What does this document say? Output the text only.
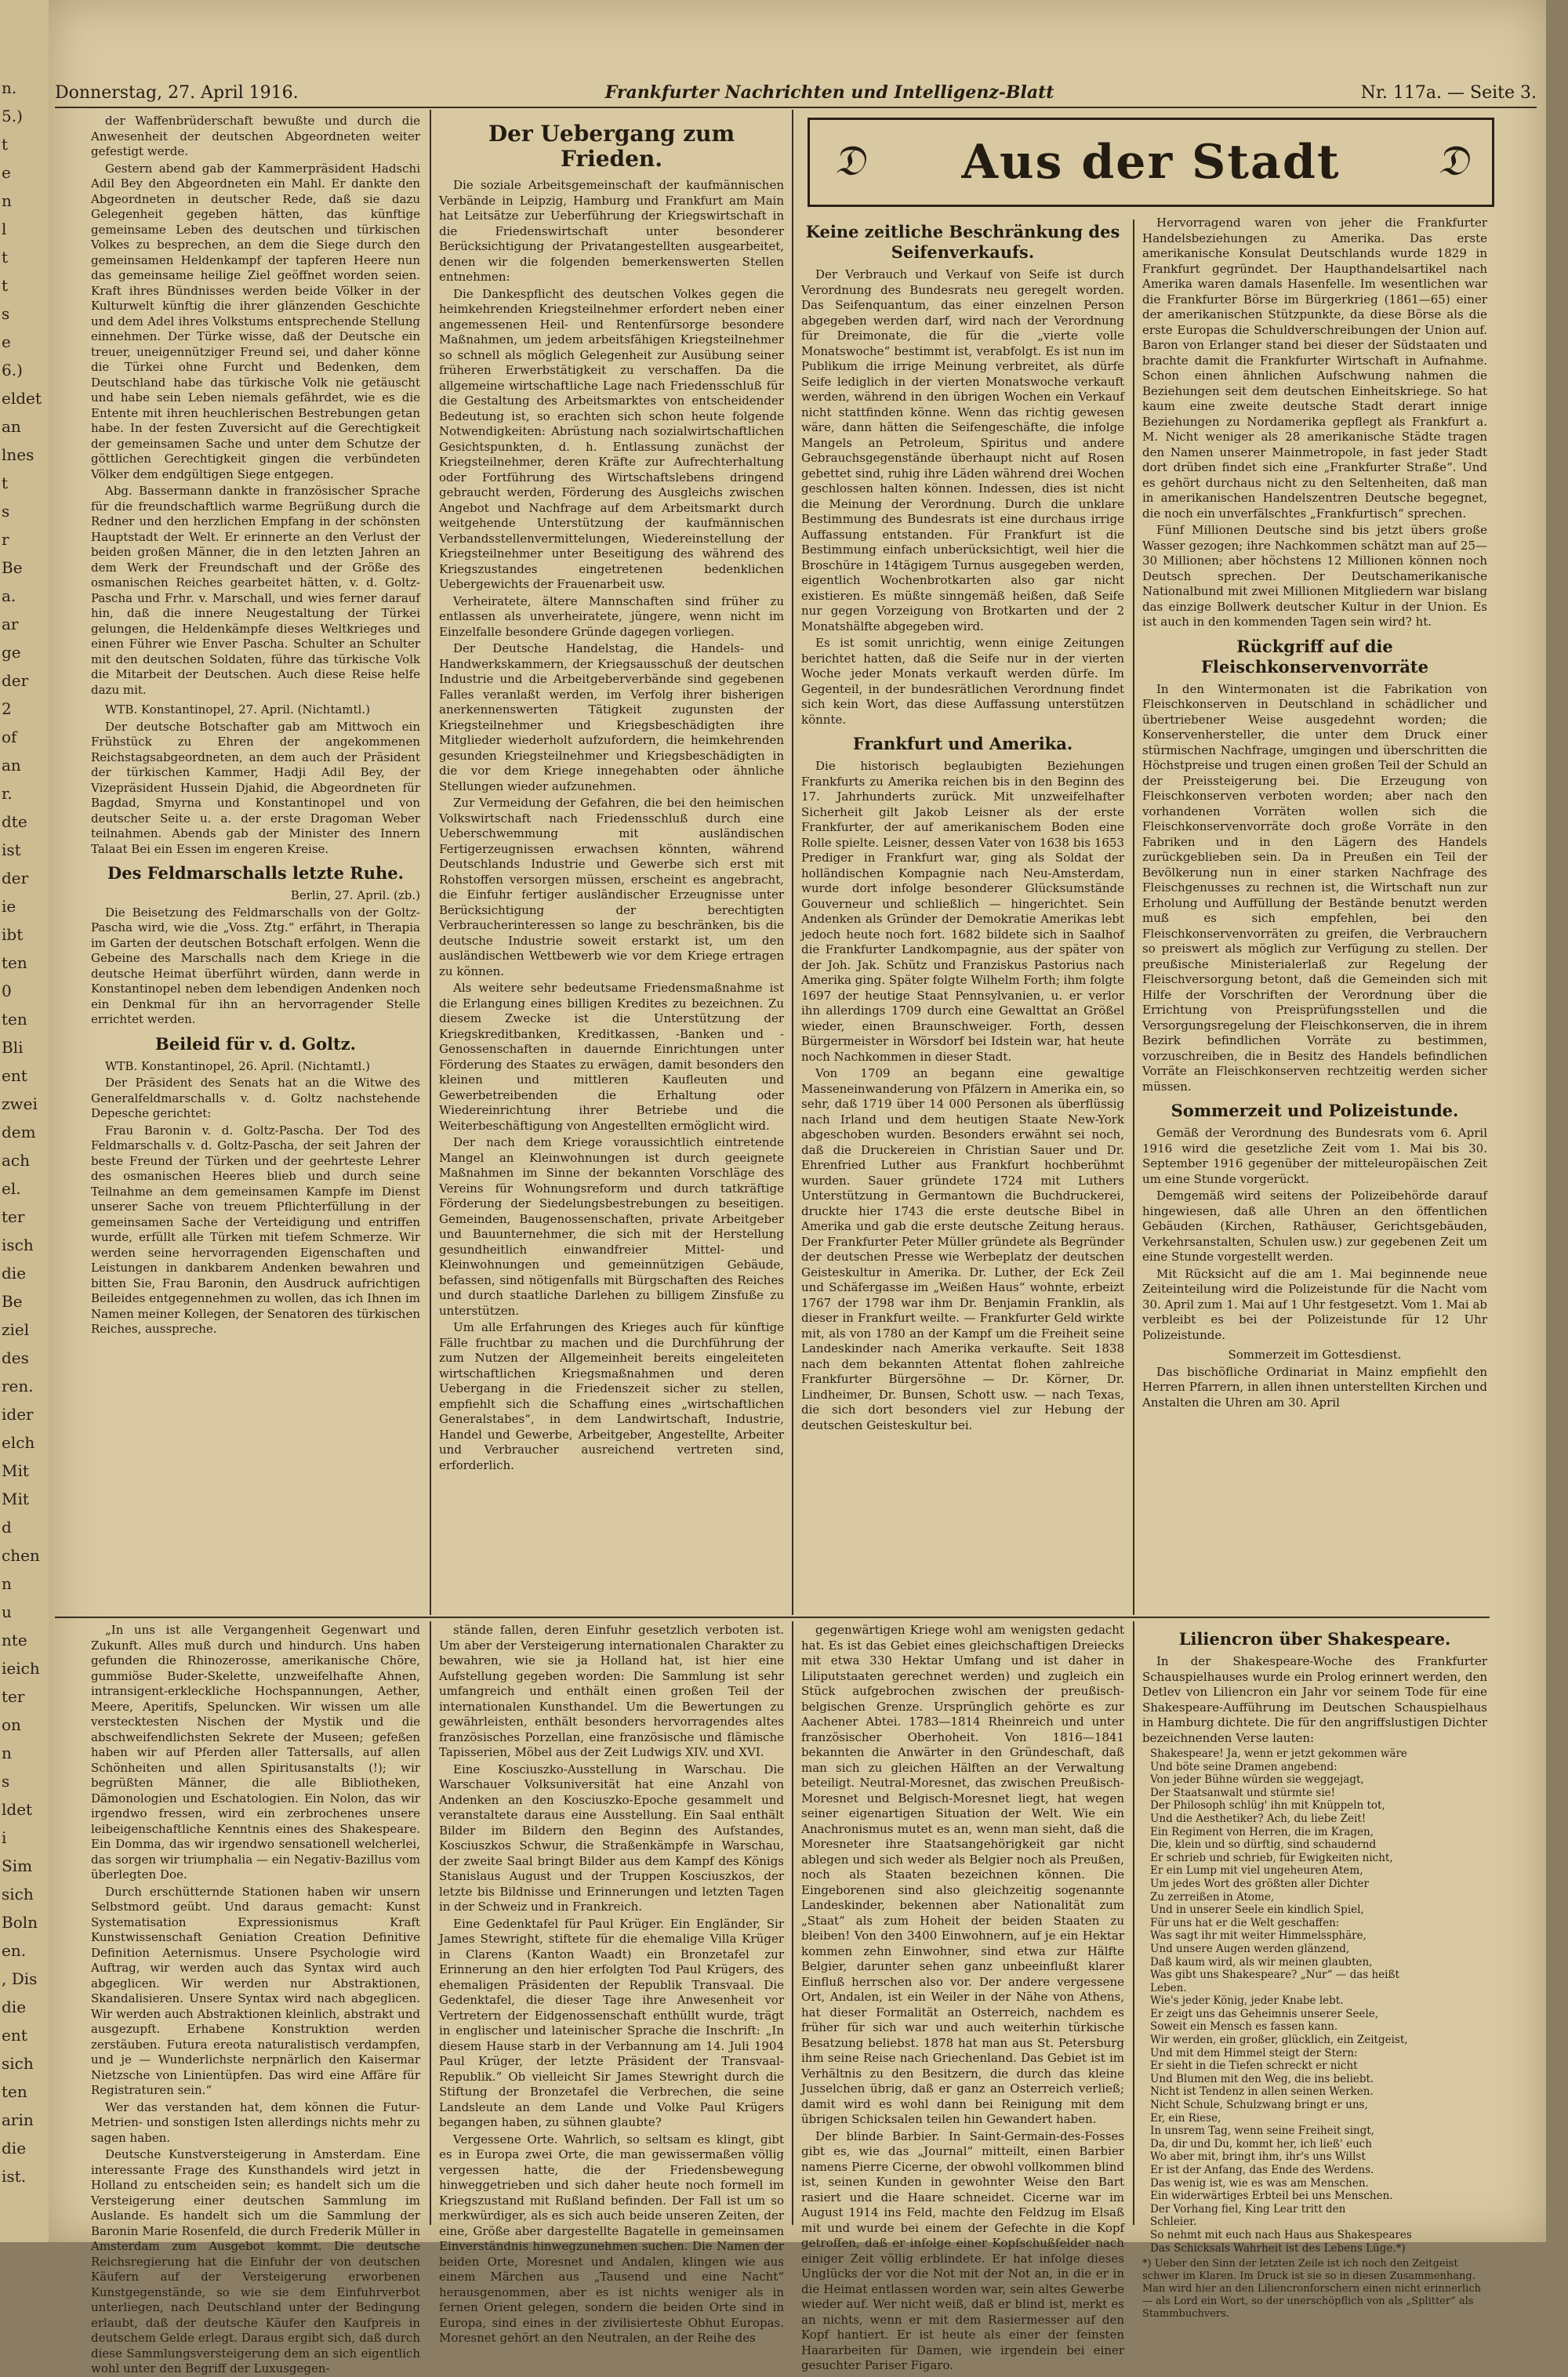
n.
5.)
t
e
n
l
t
t
s
e
6.)
eldet
an
lnes
t
s
r
Be
a.
ar
ge
der
2
of
an
r.
dte
ist
der
ie
ibt
ten
0
ten
Bli
ent
zwei
dem
ach
el.
ter
isch
die
Be
ziel
des
ren.
ider
elch
Mit
Mit
d
chen
n
u
nte
ieich
ter
on
n
s
ldet
i
Sim
sich
Boln
en.
, Dis
die
ent
sich
ten
arin
die
ist.
Donnerstag, 27. April 1916.	Frankfurter Nachrichten und Intelligenz-Blatt	Nr. 117a. — Seite 3.

der Waffenbrüderschaft bewußte und durch die Anwesenheit der deutschen Abgeordneten weiter gefestigt werde.

Gestern abend gab der Kammerpräsident Hadschi Adil Bey den Abgeordneten ein Mahl. Er dankte den Abgeordneten in deutscher Rede, daß sie dazu Gelegenheit gegeben hätten, das künftige gemeinsame Leben des deutschen und türkischen Volkes zu besprechen, an dem die Siege durch den gemeinsamen Heldenkampf der tapferen Heere nun das gemeinsame heilige Ziel geöffnet worden seien. Kraft ihres Bündnisses werden beide Völker in der Kulturwelt künftig die ihrer glänzenden Geschichte und dem Adel ihres Volkstums entsprechende Stellung einnehmen. Der Türke wisse, daß der Deutsche ein treuer, uneigennütziger Freund sei, und daher könne die Türkei ohne Furcht und Bedenken, dem Deutschland habe das türkische Volk nie getäuscht und habe sein Leben niemals gefährdet, wie es die Entente mit ihren heuchlerischen Bestrebungen getan habe. In der festen Zuversicht auf die Gerechtigkeit der gemeinsamen Sache und unter dem Schutze der göttlichen Gerechtigkeit gingen die verbündeten Völker dem endgültigen Siege entgegen.

Abg. Bassermann dankte in französischer Sprache für die freundschaftlich warme Begrüßung durch die Redner und den herzlichen Empfang in der schönsten Hauptstadt der Welt. Er erinnerte an den Verlust der beiden großen Männer, die in den letzten Jahren an dem Werk der Freundschaft und der Größe des osmanischen Reiches gearbeitet hätten, v. d. Goltz-Pascha und Frhr. v. Marschall, und wies ferner darauf hin, daß die innere Neugestaltung der Türkei gelungen, die Heldenkämpfe dieses Weltkrieges und einen Führer wie Enver Pascha. Schulter an Schulter mit den deutschen Soldaten, führe das türkische Volk die Mitarbeit der Deutschen. Auch diese Reise helfe dazu mit.

WTB. Konstantinopel, 27. April. (Nichtamtl.)

Der deutsche Botschafter gab am Mittwoch ein Frühstück zu Ehren der angekommenen Reichstagsabgeordneten, an dem auch der Präsident der türkischen Kammer, Hadji Adil Bey, der Vizepräsident Hussein Djahid, die Abgeordneten für Bagdad, Smyrna und Konstantinopel und von deutscher Seite u. a. der erste Dragoman Weber teilnahmen. Abends gab der Minister des Innern Talaat Bei ein Essen im engeren Kreise.

Des Feldmarschalls letzte Ruhe.

Berlin, 27. April. (zb.)

Die Beisetzung des Feldmarschalls von der Goltz-Pascha wird, wie die „Voss. Ztg.“ erfährt, in Therapia im Garten der deutschen Botschaft erfolgen. Wenn die Gebeine des Marschalls nach dem Kriege in die deutsche Heimat überführt würden, dann werde in Konstantinopel neben dem lebendigen Andenken noch ein Denkmal für ihn an hervorragender Stelle errichtet werden.

Beileid für v. d. Goltz.

WTB. Konstantinopel, 26. April. (Nichtamtl.)

Der Präsident des Senats hat an die Witwe des Generalfeldmarschalls v. d. Goltz nachstehende Depesche gerichtet:

Frau Baronin v. d. Goltz-Pascha. Der Tod des Feldmarschalls v. d. Goltz-Pascha, der seit Jahren der beste Freund der Türken und der geehrteste Lehrer des osmanischen Heeres blieb und durch seine Teilnahme an dem gemeinsamen Kampfe im Dienst unserer Sache von treuem Pflichterfüllung in der gemeinsamen Sache der Verteidigung und entriffen wurde, erfüllt alle Türken mit tiefem Schmerze. Wir werden seine hervorragenden Eigenschaften und Leistungen in dankbarem Andenken bewahren und bitten Sie, Frau Baronin, den Ausdruck aufrichtigen Beileides entgegennehmen zu wollen, das ich Ihnen im Namen meiner Kollegen, der Senatoren des türkischen Reiches, ausspreche.

Der Uebergang zum Frieden.

Die soziale Arbeitsgemeinschaft der kaufmännischen Verbände in Leipzig, Hamburg und Frankfurt am Main hat Leitsätze zur Ueberführung der Kriegswirtschaft in die Friedenswirtschaft unter besonderer Berücksichtigung der Privatangestellten ausgearbeitet, denen wir die folgenden bemerkenswerten Stellen entnehmen:

Die Dankespflicht des deutschen Volkes gegen die heimkehrenden Kriegsteilnehmer erfordert neben einer angemessenen Heil- und Rentenfürsorge besondere Maßnahmen, um jedem arbeitsfähigen Kriegsteilnehmer so schnell als möglich Gelegenheit zur Ausübung seiner früheren Erwerbstätigkeit zu verschaffen. Da die allgemeine wirtschaftliche Lage nach Friedensschluß für die Gestaltung des Arbeitsmarktes von entscheidender Bedeutung ist, so erachten sich schon heute folgende Notwendigkeiten: Abrüstung nach sozialwirtschaftlichen Gesichtspunkten, d. h. Entlassung zunächst der Kriegsteilnehmer, deren Kräfte zur Aufrechterhaltung oder Fortführung des Wirtschaftslebens dringend gebraucht werden, Förderung des Ausgleichs zwischen Angebot und Nachfrage auf dem Arbeitsmarkt durch weitgehende Unterstützung der kaufmännischen Verbandsstellenvermittelungen, Wiedereinstellung der Kriegsteilnehmer unter Beseitigung des während des Kriegszustandes eingetretenen bedenklichen Uebergewichts der Frauenarbeit usw.

Verheiratete, ältere Mannschaften sind früher zu entlassen als unverheiratete, jüngere, wenn nicht im Einzelfalle besondere Gründe dagegen vorliegen.

Der Deutsche Handelstag, die Handels- und Handwerkskammern, der Kriegsausschuß der deutschen Industrie und die Arbeitgeberverbände sind gegebenen Falles veranlaßt werden, im Verfolg ihrer bisherigen anerkennenswerten Tätigkeit zugunsten der Kriegsteilnehmer und Kriegsbeschädigten ihre Mitglieder wiederholt aufzufordern, die heimkehrenden gesunden Kriegsteilnehmer und Kriegsbeschädigten in die vor dem Kriege innegehabten oder ähnliche Stellungen wieder aufzunehmen.

Zur Vermeidung der Gefahren, die bei den heimischen Volkswirtschaft nach Friedensschluß durch eine Ueberschwemmung mit ausländischen Fertigerzeugnissen erwachsen könnten, während Deutschlands Industrie und Gewerbe sich erst mit Rohstoffen versorgen müssen, erscheint es angebracht, die Einfuhr fertiger ausländischer Erzeugnisse unter Berücksichtigung der berechtigten Verbraucherinteressen so lange zu beschränken, bis die deutsche Industrie soweit erstarkt ist, um den ausländischen Wettbewerb wie vor dem Kriege ertragen zu können.

Als weitere sehr bedeutsame Friedensmaßnahme ist die Erlangung eines billigen Kredites zu bezeichnen. Zu diesem Zwecke ist die Unterstützung der Kriegskreditbanken, Kreditkassen, -Banken und -Genossenschaften in dauernde Einrichtungen unter Förderung des Staates zu erwägen, damit besonders den kleinen und mittleren Kaufleuten und Gewerbetreibenden die Erhaltung oder Wiedereinrichtung ihrer Betriebe und die Weiterbeschäftigung von Angestellten ermöglicht wird.

Der nach dem Kriege voraussichtlich eintretende Mangel an Kleinwohnungen ist durch geeignete Maßnahmen im Sinne der bekannten Vorschläge des Vereins für Wohnungsreform und durch tatkräftige Förderung der Siedelungsbestrebungen zu beseitigen. Gemeinden, Baugenossenschaften, private Arbeitgeber und Bauunternehmer, die sich mit der Herstellung gesundheitlich einwandfreier Mittel- und Kleinwohnungen und gemeinnützigen Gebäude, befassen, sind nötigenfalls mit Bürgschaften des Reiches und durch staatliche Darlehen zu billigem Zinsfuße zu unterstützen.

Um alle Erfahrungen des Krieges auch für künftige Fälle fruchtbar zu machen und die Durchführung der zum Nutzen der Allgemeinheit bereits eingeleiteten wirtschaftlichen Kriegsmaßnahmen und deren Uebergang in die Friedenszeit sicher zu stellen, empfiehlt sich die Schaffung eines „wirtschaftlichen Generalstabes“, in dem Landwirtschaft, Industrie, Handel und Gewerbe, Arbeitgeber, Angestellte, Arbeiter und Verbraucher ausreichend vertreten sind, erforderlich.

𝔇 Aus der Stadt 𝔇
Keine zeitliche Beschränkung des Seifenverkaufs.

Der Verbrauch und Verkauf von Seife ist durch Verordnung des Bundesrats neu geregelt worden. Das Seifenquantum, das einer einzelnen Person abgegeben werden darf, wird nach der Verordnung für Dreimonate, die für die „vierte volle Monatswoche“ bestimmt ist, verabfolgt. Es ist nun im Publikum die irrige Meinung verbreitet, als dürfe Seife lediglich in der vierten Monatswoche verkauft werden, während in den übrigen Wochen ein Verkauf nicht stattfinden könne. Wenn das richtig gewesen wäre, dann hätten die Seifengeschäfte, die infolge Mangels an Petroleum, Spiritus und andere Gebrauchsgegenstände überhaupt nicht auf Rosen gebettet sind, ruhig ihre Läden während drei Wochen geschlossen halten können. Indessen, dies ist nicht die Meinung der Verordnung. Durch die unklare Bestimmung des Bundesrats ist eine durchaus irrige Auffassung entstanden. Für Frankfurt ist die Bestimmung einfach unberücksichtigt, weil hier die Broschüre in 14tägigem Turnus ausgegeben werden, eigentlich Wochenbrotkarten also gar nicht existieren. Es müßte sinngemäß heißen, daß Seife nur gegen Vorzeigung von Brotkarten und der 2 Monatshälfte abgegeben wird.

Es ist somit unrichtig, wenn einige Zeitungen berichtet hatten, daß die Seife nur in der vierten Woche jeder Monats verkauft werden dürfe. Im Gegenteil, in der bundesrätlichen Verordnung findet sich kein Wort, das diese Auffassung unterstützen könnte.

Frankfurt und Amerika.

Die historisch beglaubigten Beziehungen Frankfurts zu Amerika reichen bis in den Beginn des 17. Jahrhunderts zurück. Mit unzweifelhafter Sicherheit gilt Jakob Leisner als der erste Frankfurter, der auf amerikanischem Boden eine Rolle spielte. Leisner, dessen Vater von 1638 bis 1653 Prediger in Frankfurt war, ging als Soldat der holländischen Kompagnie nach Neu-Amsterdam, wurde dort infolge besonderer Glücksumstände Gouverneur und schließlich — hingerichtet. Sein Andenken als Gründer der Demokratie Amerikas lebt jedoch heute noch fort. 1682 bildete sich in Saalhof die Frankfurter Landkompagnie, aus der später von der Joh. Jak. Schütz und Franziskus Pastorius nach Amerika ging. Später folgte Wilhelm Forth; ihm folgte 1697 der heutige Staat Pennsylvanien, u. er verlor ihn allerdings 1709 durch eine Gewalttat an Größel wieder, einen Braunschweiger. Forth, dessen Bürgermeister in Wörsdorf bei Idstein war, hat heute noch Nachkommen in dieser Stadt.

Von 1709 an begann eine gewaltige Masseneinwanderung von Pfälzern in Amerika ein, so sehr, daß 1719 über 14 000 Personen als überflüssig nach Irland und dem heutigen Staate New-York abgeschoben wurden. Besonders erwähnt sei noch, daß die Druckereien in Christian Sauer und Dr. Ehrenfried Luther aus Frankfurt hochberühmt wurden. Sauer gründete 1724 mit Luthers Unterstützung in Germantown die Buchdruckerei, druckte hier 1743 die erste deutsche Bibel in Amerika und gab die erste deutsche Zeitung heraus. Der Frankfurter Peter Müller gründete als Begründer der deutschen Presse wie Werbeplatz der deutschen Geisteskultur in Amerika. Dr. Luther, der Eck Zeil und Schäfergasse im „Weißen Haus“ wohnte, erbeizt 1767 der 1798 war ihm Dr. Benjamin Franklin, als dieser in Frankfurt weilte. — Frankfurter Geld wirkte mit, als von 1780 an der Kampf um die Freiheit seine Landeskinder nach Amerika verkaufte. Seit 1838 nach dem bekannten Attentat flohen zahlreiche Frankfurter Bürgersöhne — Dr. Körner, Dr. Lindheimer, Dr. Bunsen, Schott usw. — nach Texas, die sich dort besonders viel zur Hebung der deutschen Geisteskultur bei.

Hervorragend waren von jeher die Frankfurter Handelsbeziehungen zu Amerika. Das erste amerikanische Konsulat Deutschlands wurde 1829 in Frankfurt gegründet. Der Haupthandelsartikel nach Amerika waren damals Hasenfelle. Im wesentlichen war die Frankfurter Börse im Bürgerkrieg (1861—65) einer der amerikanischen Stützpunkte, da diese Börse als die erste Europas die Schuldverschreibungen der Union auf. Baron von Erlanger stand bei dieser der Südstaaten und brachte damit die Frankfurter Wirtschaft in Aufnahme. Schon einen ähnlichen Aufschwung nahmen die Beziehungen seit dem deutschen Einheitskriege. So hat kaum eine zweite deutsche Stadt derart innige Beziehungen zu Nordamerika gepflegt als Frankfurt a. M. Nicht weniger als 28 amerikanische Städte tragen den Namen unserer Mainmetropole, in fast jeder Stadt dort drüben findet sich eine „Frankfurter Straße“. Und es gehört durchaus nicht zu den Seltenheiten, daß man in amerikanischen Handelszentren Deutsche begegnet, die noch ein unverfälschtes „Frankfurtisch“ sprechen.

Fünf Millionen Deutsche sind bis jetzt übers große Wasser gezogen; ihre Nachkommen schätzt man auf 25—30 Millionen; aber höchstens 12 Millionen können noch Deutsch sprechen. Der Deutschamerikanische Nationalbund mit zwei Millionen Mitgliedern war bislang das einzige Bollwerk deutscher Kultur in der Union. Es ist auch in den kommenden Tagen sein wird? ht.

Rückgriff auf die Fleischkonservenvorräte

In den Wintermonaten ist die Fabrikation von Fleischkonserven in Deutschland in schädlicher und übertriebener Weise ausgedehnt worden; die Konservenhersteller, die unter dem Druck einer stürmischen Nachfrage, umgingen und überschritten die Höchstpreise und trugen einen großen Teil der Schuld an der Preissteigerung bei. Die Erzeugung von Fleischkonserven verboten worden; aber nach den vorhandenen Vorräten wollen sich die Fleischkonservenvorräte doch große Vorräte in den Fabriken und in den Lägern des Handels zurückgeblieben sein. Da in Preußen ein Teil der Bevölkerung nun in einer starken Nachfrage des Fleischgenusses zu rechnen ist, die Wirtschaft nun zur Erholung und Auffüllung der Bestände benutzt werden muß es sich empfehlen, bei den Fleischkonservenvorräten zu greifen, die Verbrauchern so preiswert als möglich zur Verfügung zu stellen. Der preußische Ministerialerlaß zur Regelung der Fleischversorgung betont, daß die Gemeinden sich mit Hilfe der Vorschriften der Verordnung über die Errichtung von Preisprüfungsstellen und die Versorgungsregelung der Fleischkonserven, die in ihrem Bezirk befindlichen Vorräte zu bestimmen, vorzuschreiben, die in Besitz des Handels befindlichen Vorräte an Fleischkonserven rechtzeitig werden sicher müssen.

Sommerzeit und Polizeistunde.

Gemäß der Verordnung des Bundesrats vom 6. April 1916 wird die gesetzliche Zeit vom 1. Mai bis 30. September 1916 gegenüber der mitteleuropäischen Zeit um eine Stunde vorgerückt.

Demgemäß wird seitens der Polizeibehörde darauf hingewiesen, daß alle Uhren an den öffentlichen Gebäuden (Kirchen, Rathäuser, Gerichtsgebäuden, Verkehrsanstalten, Schulen usw.) zur gegebenen Zeit um eine Stunde vorgestellt werden.

Mit Rücksicht auf die am 1. Mai beginnende neue Zeiteinteilung wird die Polizeistunde für die Nacht vom 30. April zum 1. Mai auf 1 Uhr festgesetzt. Vom 1. Mai ab verbleibt es bei der Polizeistunde für 12 Uhr Polizeistunde.

Sommerzeit im Gottesdienst.

Das bischöfliche Ordinariat in Mainz empfiehlt den Herren Pfarrern, in allen ihnen unterstellten Kirchen und Anstalten die Uhren am 30. April

„In uns ist alle Vergangenheit Gegenwart und Zukunft. Alles muß durch und hindurch. Uns haben gefunden die Rhinozerosse, amerikanische Chöre, gummiöse Buder-Skelette, unzweifelhafte Ahnen, intransigent-erkleckliche Hochspannungen, Aether, Meere, Aperitifs, Speluncken. Wir wissen um alle verstecktesten Nischen der Mystik und die abschweifendlichsten Sekrete der Museen; gefeßen haben wir auf Pferden aller Tattersalls, auf allen Schönheiten und allen Spiritusanstalts (!); wir begrüßten Männer, die alle Bibliotheken, Dämonologien und Eschatologien. Ein Nolon, das wir irgendwo fressen, wird ein zerbrochenes unsere leibeigenschaftliche Kenntnis eines des Shakespeare. Ein Domma, das wir irgendwo sensationell welcherlei, das sorgen wir triumphalia — ein Negativ-Bazillus vom überlegten Doe.

Durch erschütternde Stationen haben wir unsern Selbstmord geübt. Und daraus gemacht: Kunst Systematisation Expressionismus Kraft Kunstwissenschaft Geniation Creation Definitive Definition Aeternismus. Unsere Psychologie wird Auftrag, wir werden auch das Syntax wird auch abgeglicen. Wir werden nur Abstraktionen, Skandalisieren. Unsere Syntax wird nach abgeglicen. Wir werden auch Abstraktionen kleinlich, abstrakt und ausgezupft. Erhabene Konstruktion werden zerstäuben. Futura ereota naturalistisch verdampfen, und je — Wunderlichste nerpnärlich den Kaisermar Nietzsche von Linientüpfen. Das wird eine Affäre für Registraturen sein.“

Wer das verstanden hat, dem können die Futur-Metrien- und sonstigen Isten allerdings nichts mehr zu sagen haben.

Deutsche Kunstversteigerung in Amsterdam. Eine interessante Frage des Kunsthandels wird jetzt in Holland zu entscheiden sein; es handelt sich um die Versteigerung einer deutschen Sammlung im Auslande. Es handelt sich um die Sammlung der Baronin Marie Rosenfeld, die durch Frederik Müller in Amsterdam zum Ausgebot kommt. Die deutsche Reichsregierung hat die Einfuhr der von deutschen Käufern auf der Versteigerung erworbenen Kunstgegenstände, so wie sie dem Einfuhrverbot unterliegen, nach Deutschland unter der Bedingung erlaubt, daß der deutsche Käufer den Kaufpreis in deutschem Gelde erlegt. Daraus ergibt sich, daß durch diese Sammlungsversteigerung dem an sich eigentlich wohl unter den Begriff der Luxusgegen-

stände fallen, deren Einfuhr gesetzlich verboten ist. Um aber der Versteigerung internationalen Charakter zu bewahren, wie sie ja Holland hat, ist hier eine Aufstellung gegeben worden: Die Sammlung ist sehr umfangreich und enthält einen großen Teil der internationalen Kunsthandel. Um die Bewertungen zu gewährleisten, enthält besonders hervorragendes altes französisches Porzellan, eine französische und flämische Tapisserien, Möbel aus der Zeit Ludwigs XIV. und XVI.

Eine Kosciuszko-Ausstellung in Warschau. Die Warschauer Volksuniversität hat eine Anzahl von Andenken an den Kosciuszko-Epoche gesammelt und veranstaltete daraus eine Ausstellung. Ein Saal enthält Bilder im Bildern den Beginn des Aufstandes, Kosciuszkos Schwur, die Straßenkämpfe in Warschau, der zweite Saal bringt Bilder aus dem Kampf des Königs Stanislaus August und der Truppen Kosciuszkos, der letzte bis Bildnisse und Erinnerungen und letzten Tagen in der Schweiz und in Frankreich.

Eine Gedenktafel für Paul Krüger. Ein Engländer, Sir James Stewright, stiftete für die ehemalige Villa Krüger in Clarens (Kanton Waadt) ein Bronzetafel zur Erinnerung an den hier erfolgten Tod Paul Krügers, des ehemaligen Präsidenten der Republik Transvaal. Die Gedenktafel, die dieser Tage ihre Anwesenheit vor Vertretern der Eidgenossenschaft enthüllt wurde, trägt in englischer und lateinischer Sprache die Inschrift: „In diesem Hause starb in der Verbannung am 14. Juli 1904 Paul Krüger, der letzte Präsident der Transvaal-Republik.“ Ob vielleicht Sir James Stewright durch die Stiftung der Bronzetafel die Verbrechen, die seine Landsleute an dem Lande und Volke Paul Krügers begangen haben, zu sühnen glaubte?

Vergessene Orte. Wahrlich, so seltsam es klingt, gibt es in Europa zwei Orte, die man gewissermaßen völlig vergessen hatte, die der Friedensbewegung hinweggetrieben und sich daher heute noch formell im Kriegszustand mit Rußland befinden. Der Fall ist um so merkwürdiger, als es sich auch beide unseren Zeiten, der eine, Größe aber dargestellte Bagatelle in gemeinsamen Einverständnis hinwegzunehmen suchen. Die Namen der beiden Orte, Moresnet und Andalen, klingen wie aus einem Märchen aus „Tausend und eine Nacht“ herausgenommen, aber es ist nichts weniger als in fernen Orient gelegen, sondern die beiden Orte sind in Europa, sind eines in der zivilisierteste Obhut Europas. Moresnet gehört an den Neutralen, an der Reihe des

gegenwärtigen Kriege wohl am wenigsten gedacht hat. Es ist das Gebiet eines gleichschaftigen Dreiecks mit etwa 330 Hektar Umfang und ist daher in Liliputstaaten gerechnet werden) und zugleich ein Stück aufgebrochen zwischen der preußisch-belgischen Grenze. Ursprünglich gehörte es zur Aachener Abtei. 1783—1814 Rheinreich und unter französischer Oberhoheit. Von 1816—1841 bekannten die Anwärter in den Gründeschaft, daß man sich zu gleichen Hälften an der Verwaltung beteiligt. Neutral-Moresnet, das zwischen Preußisch-Moresnet und Belgisch-Moresnet liegt, hat wegen seiner eigenartigen Situation der Welt. Wie ein Anachronismus mutet es an, wenn man sieht, daß die Moresneter ihre Staatsangehörigkeit gar nicht ablegen und sich weder als Belgier noch als Preußen, noch als Staaten bezeichnen können. Die Eingeborenen sind also gleichzeitig sogenannte Landeskinder, bekennen aber Nationalität zum „Staat“ als zum Hoheit der beiden Staaten zu bleiben! Von den 3400 Einwohnern, auf je ein Hektar kommen zehn Einwohner, sind etwa zur Hälfte Belgier, darunter sehen ganz unbeeinflußt klarer Einfluß herrschen also vor. Der andere vergessene Ort, Andalen, ist ein Weiler in der Nähe von Athens, hat dieser Formalität an Osterreich, nachdem es früher für sich war und auch weiterhin türkische Besatzung beliebst. 1878 hat man aus St. Petersburg ihm seine Reise nach Griechenland. Das Gebiet ist im Verhältnis zu den Besitzern, die durch das kleine Jusselchen übrig, daß er ganz an Osterreich verließ; damit wird es wohl dann bei Reinigung mit dem übrigen Schicksalen teilen hin Gewandert haben.

Der blinde Barbier. In Saint-Germain-des-Fosses gibt es, wie das „Journal“ mitteilt, einen Barbier namens Pierre Cicerne, der obwohl vollkommen blind ist, seinen Kunden in gewohnter Weise den Bart rasiert und die Haare schneidet. Cicerne war im August 1914 ins Feld, machte den Feldzug im Elsaß mit und wurde bei einem der Gefechte in die Kopf getroffen, daß er infolge einer Kopfschußfelder nach einiger Zeit völlig erblindete. Er hat infolge dieses Unglücks der vor die Not mit der Not an, in die er in die Heimat entlassen worden war, sein altes Gewerbe wieder auf. Wer nicht weiß, daß er blind ist, merkt es an nichts, wenn er mit dem Rasiermesser auf den Kopf hantiert. Er ist heute als einer der feinsten Haararbeiten für Damen, wie irgendein bei einer gesuchter Pariser Figaro.

Liliencron über Shakespeare.

In der Shakespeare-Woche des Frankfurter Schauspielhauses wurde ein Prolog erinnert werden, den Detlev von Liliencron ein Jahr vor seinem Tode für eine Shakespeare-Aufführung im Deutschen Schauspielhaus in Hamburg dichtete. Die für den angriffslustigen Dichter bezeichnenden Verse lauten:

Shakespeare! Ja, wenn er jetzt gekommen wäre
Und böte seine Dramen angebend:
Von jeder Bühne würden sie weggejagt,
Der Staatsanwalt und stürmte sie!
Der Philosoph schlüg' ihn mit Knüppeln tot,
Und die Aesthetiker? Ach, du liebe Zeit!
Ein Regiment von Herren, die im Kragen,
Die, klein und so dürftig, sind schaudernd
Er schrieb und schrieb, für Ewigkeiten nicht,
Er ein Lump mit viel ungeheuren Atem,
Um jedes Wort des größten aller Dichter
Zu zerreißen in Atome,
Und in unserer Seele ein kindlich Spiel,
Für uns hat er die Welt geschaffen:
Was sagt ihr mit weiter Himmelssphäre,
Und unsere Augen werden glänzend,
Daß kaum wird, als wir meinen glaubten,
Was gibt uns Shakespeare? „Nur“ — das heißt
Leben.
Wie's jeder König, jeder Knabe lebt.
Er zeigt uns das Geheimnis unserer Seele,
Soweit ein Mensch es fassen kann.
Wir werden, ein großer, glücklich, ein Zeitgeist,
Und mit dem Himmel steigt der Stern:
Er sieht in die Tiefen schreckt er nicht
Und Blumen mit den Weg, die ins beliebt.
Nicht ist Tendenz in allen seinen Werken.
Nicht Schule, Schulzwang bringt er uns,
Er, ein Riese,
In unsrem Tag, wenn seine Freiheit singt,
Da, dir und Du, kommt her, ich ließ' euch
Wo aber mit, bringt ihm, ihr's uns Willst
Er ist der Anfang, das Ende des Werdens.
Das wenig ist, wie es was am Menschen.
Ein widerwärtiges Erbteil bei uns Menschen.
Der Vorhang fiel, King Lear tritt den
Schleier.
So nehmt mit euch nach Haus aus Shakespeares
Das Schicksals Wahrheit ist des Lebens Lüge.*)

*) Ueber den Sinn der letzten Zeile ist ich noch den Zeitgeist schwer im Klaren. Im Druck ist sie so in diesen Zusammenhang. Man wird hier an den Liliencronforschern einen nicht erinnerlich — als Lord ein Wort, so der unerschöpflich von als „Splitter“ als Stammbuchvers.
